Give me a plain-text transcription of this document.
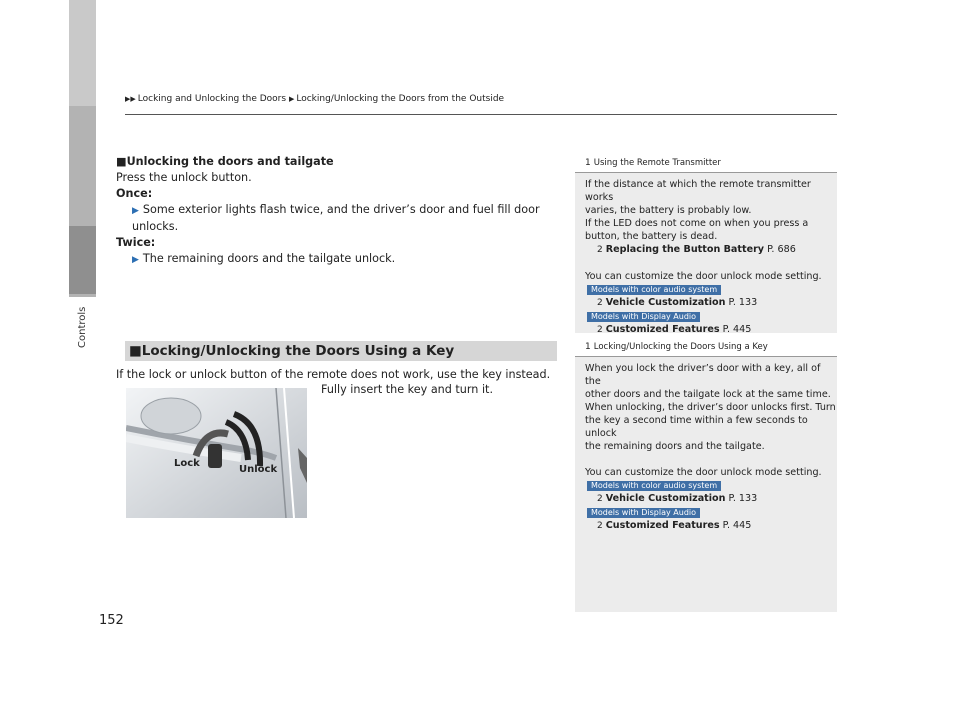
Controls
152
▶▶ Locking and Unlocking the Doors ▶ Locking/Unlocking the Doors from the Outside
■Unlocking the doors and tailgate
Press the unlock button.
Once:
▶ Some exterior lights flash twice, and the driver’s door and fuel fill door unlocks.
Twice:
▶ The remaining doors and the tailgate unlock.
■Locking/Unlocking the Doors Using a Key
If the lock or unlock button of the remote does not work, use the key instead.
Fully insert the key and turn it.
Lock
Unlock
1 Using the Remote Transmitter
If the distance at which the remote transmitter works
varies, the battery is probably low.
If the LED does not come on when you press a
button, the battery is dead.
2 Replacing the Button Battery P. 686
You can customize the door unlock mode setting.
Models with color audio system
2 Vehicle Customization P. 133
Models with Display Audio
2 Customized Features P. 445
1 Locking/Unlocking the Doors Using a Key
When you lock the driver’s door with a key, all of the
other doors and the tailgate lock at the same time.
When unlocking, the driver’s door unlocks first. Turn
the key a second time within a few seconds to unlock
the remaining doors and the tailgate.
You can customize the door unlock mode setting.
Models with color audio system
2 Vehicle Customization P. 133
Models with Display Audio
2 Customized Features P. 445
